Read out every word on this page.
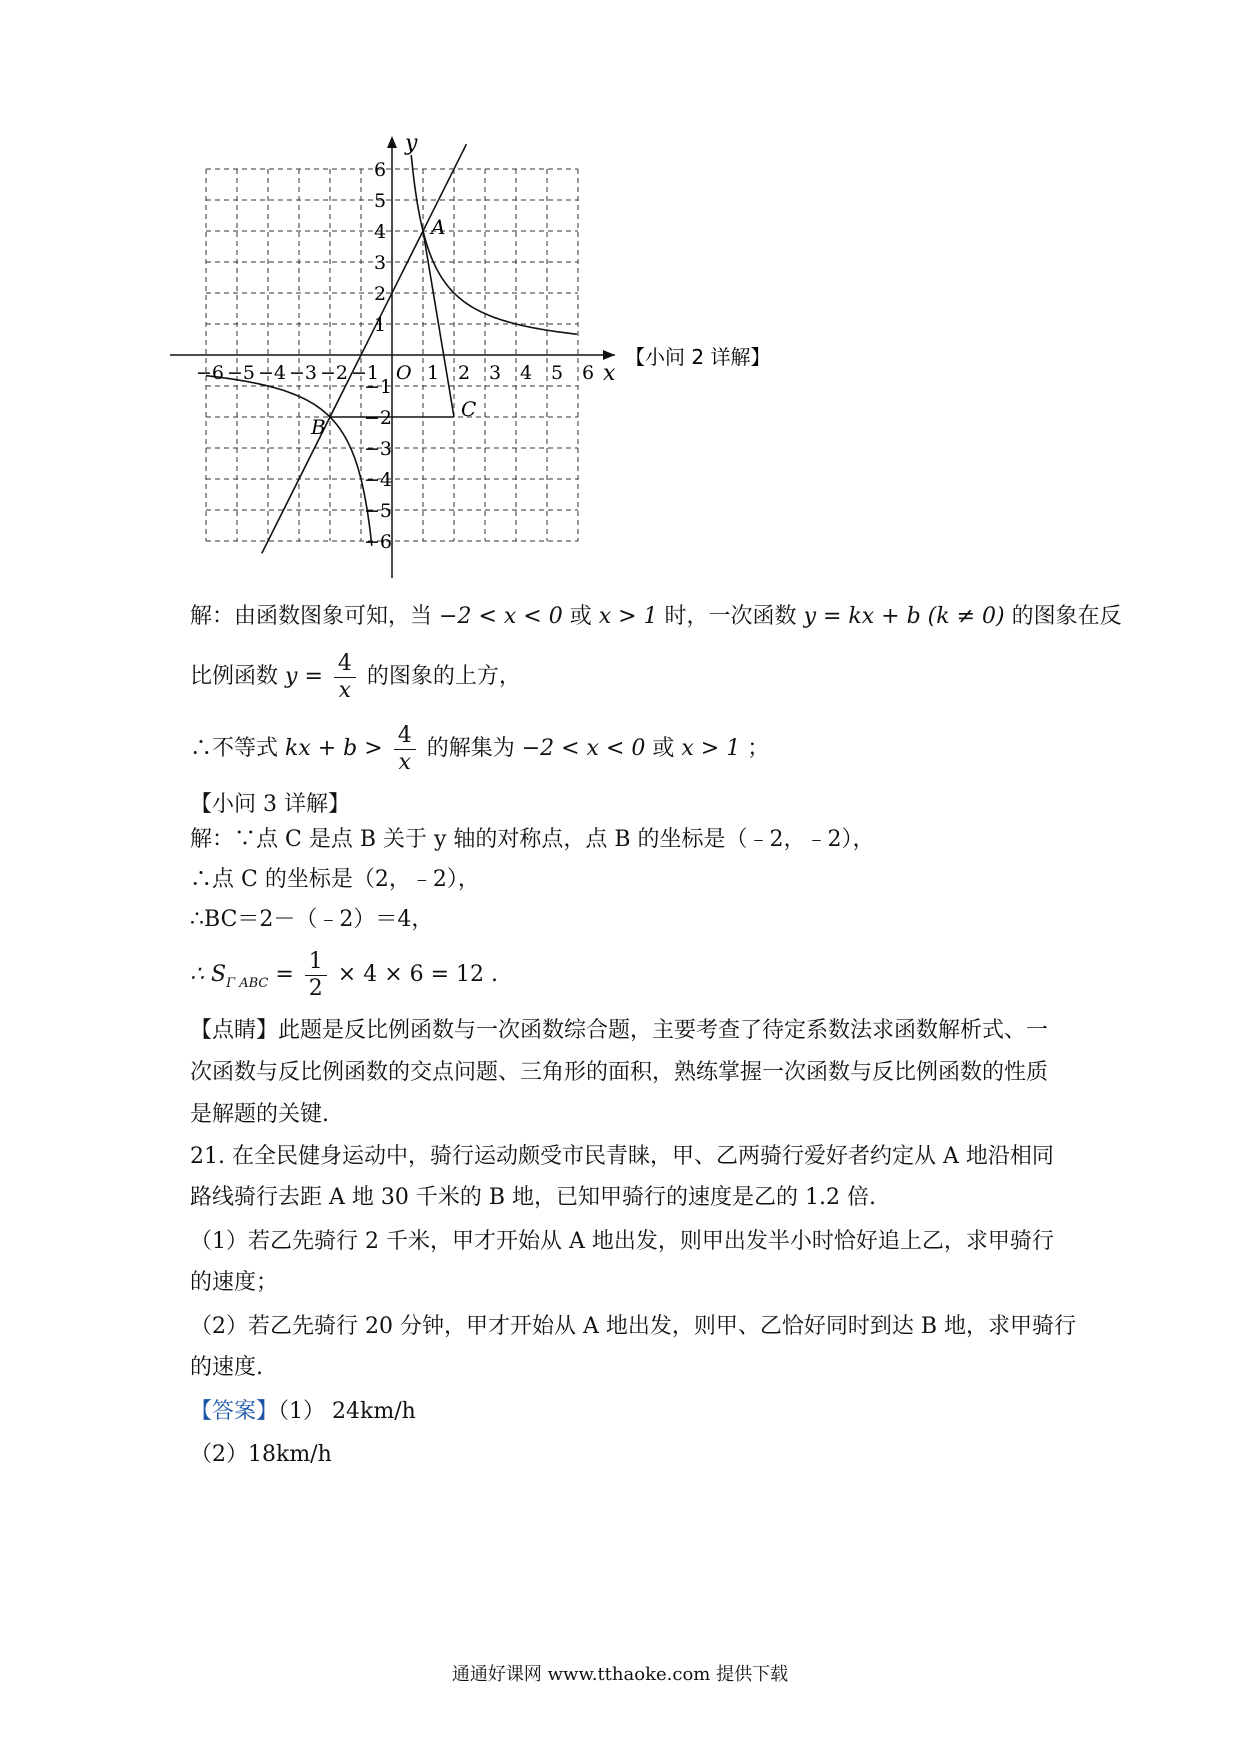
−6 −5 −4 −3 −2 −1 O 1 2 3 4 5 6
6
5
4
3
2
1
−1
−2
−3
−4
−5
−6
y
x
A
B
C
【小问 2 详解】
解：由函数图象可知，当 −2 < x < 0 或 x > 1 时，一次函数 y = kx + b (k ≠ 0) 的图象在反
比例函数 $y = \frac{4}{x}$ 的图象的上方，
∴不等式 kx + $b > \frac{4}{x}$ 的解集为 −2 < x < 0 或 x > 1 ；
【小问 3 详解】
解：∵点 C 是点 B 关于 y 轴的对称点，点 B 的坐标是（﹣2，﹣2），
∴点 C 的坐标是（2，﹣2），
∴BC＝2－（﹣2）＝4，
∴ $S_{\Gamma ABC} = \frac{1}{2} \times 4 \times 6 = 12$ .
【点睛】此题是反比例函数与一次函数综合题，主要考查了待定系数法求函数解析式、一
次函数与反比例函数的交点问题、三角形的面积，熟练掌握一次函数与反比例函数的性质
是解题的关键.
21. 在全民健身运动中，骑行运动颇受市民青睐，甲、乙两骑行爱好者约定从 A 地沿相同
路线骑行去距 A 地 30 千米的 B 地，已知甲骑行的速度是乙的 1.2 倍.
（1）若乙先骑行 2 千米，甲才开始从 A 地出发，则甲出发半小时恰好追上乙，求甲骑行
的速度；
（2）若乙先骑行 20 分钟，甲才开始从 A 地出发，则甲、乙恰好同时到达 B 地，求甲骑行
的速度.
【答案】（1） 24km/h
（2）18km/h
通通好课网 www.tthaoke.com 提供下载
